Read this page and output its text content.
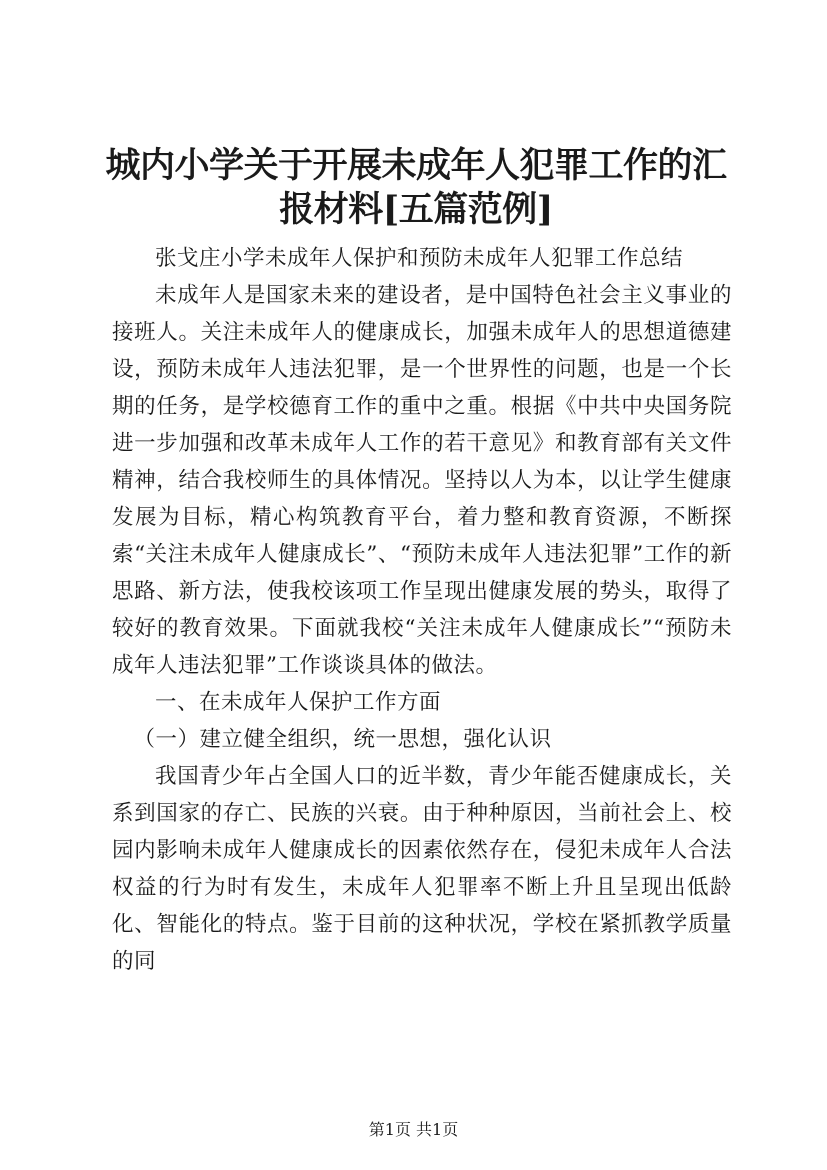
城内小学关于开展未成年人犯罪工作的汇报材料[五篇范例]

张戈庄小学未成年人保护和预防未成年人犯罪工作总结

未成年人是国家未来的建设者，是中国特色社会主义事业的接班人。关注未成年人的健康成长，加强未成年人的思想道德建设，预防未成年人违法犯罪，是一个世界性的问题，也是一个长期的任务，是学校德育工作的重中之重。根据《中共中央国务院进一步加强和改革未成年人工作的若干意见》和教育部有关文件精神，结合我校师生的具体情况。坚持以人为本，以让学生健康发展为目标，精心构筑教育平台，着力整和教育资源，不断探索“关注未成年人健康成长”、“预防未成年人违法犯罪”工作的新思路、新方法，使我校该项工作呈现出健康发展的势头，取得了较好的教育效果。下面就我校“关注未成年人健康成长”“预防未成年人违法犯罪”工作谈谈具体的做法。

一、在未成年人保护工作方面

（一）建立健全组织，统一思想，强化认识

我国青少年占全国人口的近半数，青少年能否健康成长，关系到国家的存亡、民族的兴衰。由于种种原因，当前社会上、校园内影响未成年人健康成长的因素依然存在，侵犯未成年人合法权益的行为时有发生，未成年人犯罪率不断上升且呈现出低龄化、智能化的特点。鉴于目前的这种状况，学校在紧抓教学质量的同

第1页 共1页
